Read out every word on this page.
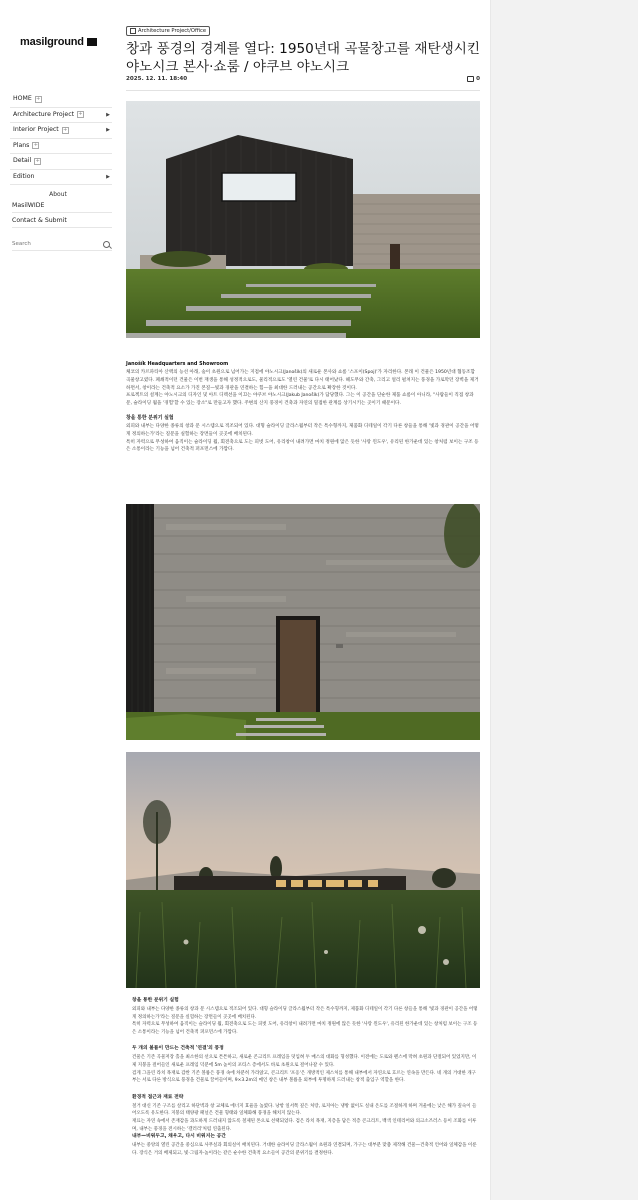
masilground
HOME +
Architecture Project +	▶
Interior Project +	▶
Plans +
Detail +
Edition	▶
About
MasilWIDE
Contact & Submit
Search
Architecture Project/Office
창과 풍경의 경계를 열다: 1950년대 곡물창고를 재탄생시킨 야노시크 본사·쇼룸 / 야쿠브 야노시크
2025. 12. 11. 18:40	0
Janošík Headquarters and Showroom

체코의 카르파티아 산맥의 능선 아래, 숲이 초원으로 넘어가는 지점에 야노시크(Janošík)의 새로운 본사와 쇼룸 '스포이(Spoj)'가 자리한다. 본래 이 건물은 1950년대 협동조합 곡물창고였다. 폐쇄적이던 건물은 이번 재생을 통해 성정적으로도, 물리적으로도 '열린 건물'로 다시 태어났다. 헤도무와 간축, 그리고 얼리 펼쳐지는 풍경을 가로막던 장벽을 제거하면서, 창이라는 건축적 요소가 가진 본질—빛과 경관을 연결하는 힘—을 최대한 드러내는 공간으로 확장한 것이다.

프로젝트의 설계는 야노시크의 디자인 및 아트 디렉션을 이끄는 야쿠브 야노시크(Jakub Janošík)가 담당했다. 그는 이 공간을 단순한 제품 쇼룸이 아니라, "사람들이 직접 창과 문, 슬라이딩 월을 '경험'할 수 있는 장소"로 만들고자 했다. 주변의 산지 풍경이 건축과 자연의 밀접한 관계를 상기시키는 곳이기 때문이다.

창을 통한 분위기 실험

외피와 내부는 다양한 종류의 창과 문 시스템으로 적조되어 있다. 대형 슬라이딩 글라스월부터 작은 특수형까지, 제품화 디테일이 각기 다른 창들을 통해 '빛과 경관이 공간을 어떻게 정의하는가'라는 질문을 실험하는 장면들이 곳곳에 배치된다.

특히 자력으로 무성하여 움직이는 슬라이딩 월, 회전축으로 도는 피벗 도어, 유리창이 내려가면 마치 정원에 않은 듯한 '사랑 윈도우', 유리된 한가운데 있는 창처럼 보이는 구조 등은 소통이라는 기능을 넘어 건축적 퍼포먼스에 가깝다.

창을 통한 분위기 실험

외피와 내부는 다양한 종류의 창과 문 시스템으로 적조되어 있다. 대형 슬라이딩 글라스월부터 작은 특수형까지, 제품화 디테일이 각기 다른 창들을 통해 '빛과 경관이 공간을 어떻게 정의하는가'라는 질문을 실험하는 장면들이 곳곳에 배치된다.

특히 자력으로 무성하여 움직이는 슬라이딩 월, 회전축으로 도는 피벗 도어, 유리창이 내려가면 마치 정원에 않은 듯한 '사랑 윈도우', 유리된 한가운데 있는 창처럼 보이는 구조 등은 소통이라는 기능을 넘어 건축적 퍼포먼스에 가깝다.

두 개의 볼륨이 만드는 건축적 '연결'의 풍정

건물은 기존 곡물저장 홀을 최소한의 선으로 튼튼하고, 새로운 콘크리트 프레임을 덧입혀 두 매스의 대화를 형성했다. 이전에는 도로와 펜스에 막혀 초원과 단절되어 있었지만, 이제 지붕을 걸어들인 새로운 프레임 덕분에 5m 높이의 포티스 층에서도 바로 초원으로 걸어나갈 수 있다.

검게 그을린 라치 목재로 감싼 기존 볼륨은 풍경 속에 차분히 가라앉고, 콘크리트 '포옹'은 개방적인 제스처를 통해 내부에서 자연으로 흐르는 연속을 만든다. 네 개의 거대한 개구부는 서로 다른 방식으로 풍경을 건물로 끌어들이며, 9×3.2m의 메인 창은 내부 볼륨을 외부에 투명하게 드러내는 창적 출입구 역할을 한다.

환경적 접근과 재료 전략

철거 대신 기존 구조를 살리고 하단벽과 창 교체로 에너지 효율을 높였다. 낭항 일서쪽 깊은 처랑, 로지아는 냉방 없이도 실내 온도를 조절하게 하며 겨울에는 낮은 해가 깊숙이 들어오도록 유도한다. 지붕의 태양광 패널은 건물 형태와 일체화해 풍경을 해치지 않는다.

재료는 자연 속에서 존재감을 과도하게 드러내지 않도록 철제된 톤으로 선택되었다. 검은 라치 목재, 지층을 담은 적층 콘크리트, 백색 인테리어와 의크소즈러스 등이 조화를 이루며, 내부는 풍경을 전시하는 '갤러리'처럼 연출된다.

내부—비워두고, 채우고, 다시 비워지는 공간

내부는 중앙의 열린 공간을 중심으로 사무실과 회의실이 배치된다. 거대한 슬라이딩 글라스월이 초원과 연결되며, 가구는 대부분 맞춤 제작해 건물—건축적 언어와 일체감을 이룬다. 장식은 거의 배제되고, 빛·그림자·높이라는 같은 순수한 건축적 요소들이 공간의 분위기를 결정한다.
